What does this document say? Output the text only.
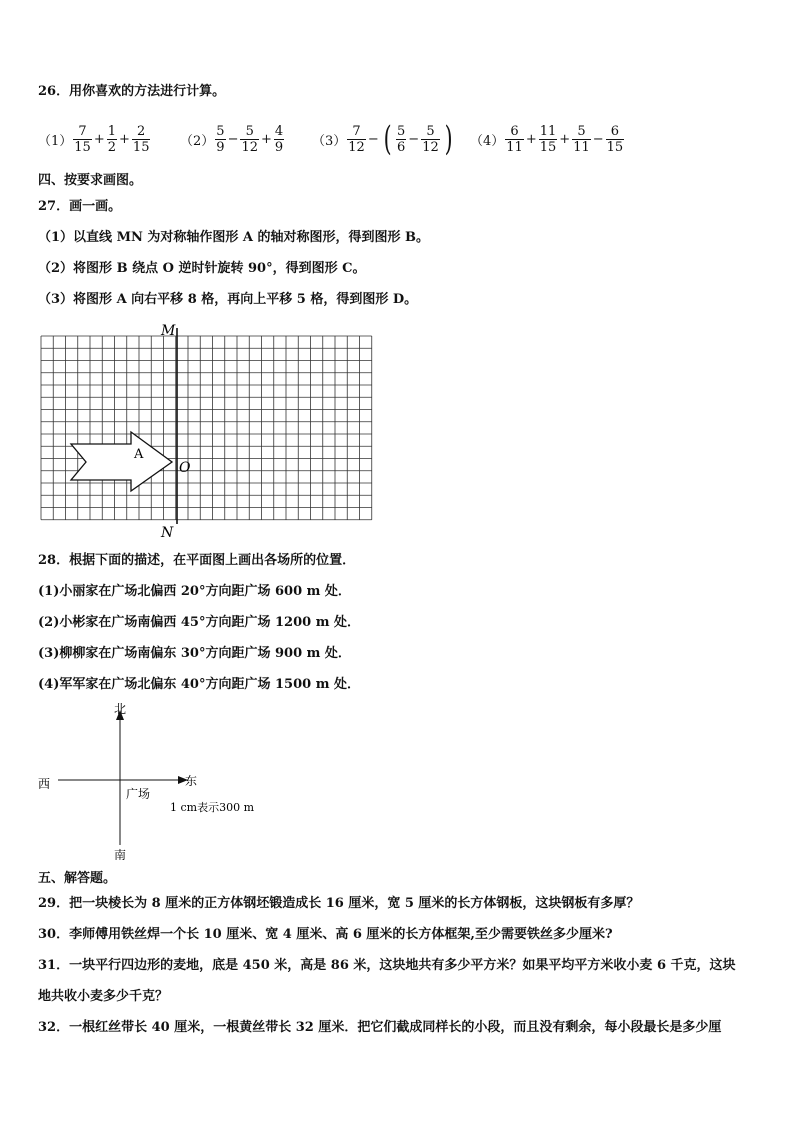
26．用你喜欢的方法进行计算。
$(1) \frac{7}{15} + \frac{1}{2} + \frac{2}{15} (2) \frac{5}{9} - \frac{5}{12} + \frac{4}{9} (3) \frac{7}{12}$ − ( $\frac{5}{6} - \frac{5}{12}$ ) $(4) \frac{6}{11} + \frac{11}{15} + \frac{5}{11} - \frac{6}{15}$
四、按要求画图。
27．画一画。
（1）以直线 MN 为对称轴作图形 A 的轴对称图形，得到图形 B。
（2）将图形 B 绕点 O 逆时针旋转 90°，得到图形 C。
（3）将图形 A 向右平移 8 格，再向上平移 5 格，得到图形 D。
M
N
O
A
28．根据下面的描述，在平面图上画出各场所的位置．
(1)小丽家在广场北偏西 20°方向距广场 600 m 处．
(2)小彬家在广场南偏西 45°方向距广场 1200 m 处．
(3)柳柳家在广场南偏东 30°方向距广场 900 m 处．
(4)军军家在广场北偏东 40°方向距广场 1500 m 处．
北
南
东
西
广场
1 cm表示300 m
五、解答题。
29．把一块棱长为 8 厘米的正方体钢坯锻造成长 16 厘米，宽 5 厘米的长方体钢板，这块钢板有多厚？
30．李师傅用铁丝焊一个长 10 厘米、宽 4 厘米、高 6 厘米的长方体框架,至少需要铁丝多少厘米?
31．一块平行四边形的麦地，底是 450 米，高是 86 米，这块地共有多少平方米？如果平均平方米收小麦 6 千克，这块
地共收小麦多少千克？
32．一根红丝带长 40 厘米，一根黄丝带长 32 厘米．把它们截成同样长的小段，而且没有剩余，每小段最长是多少厘
